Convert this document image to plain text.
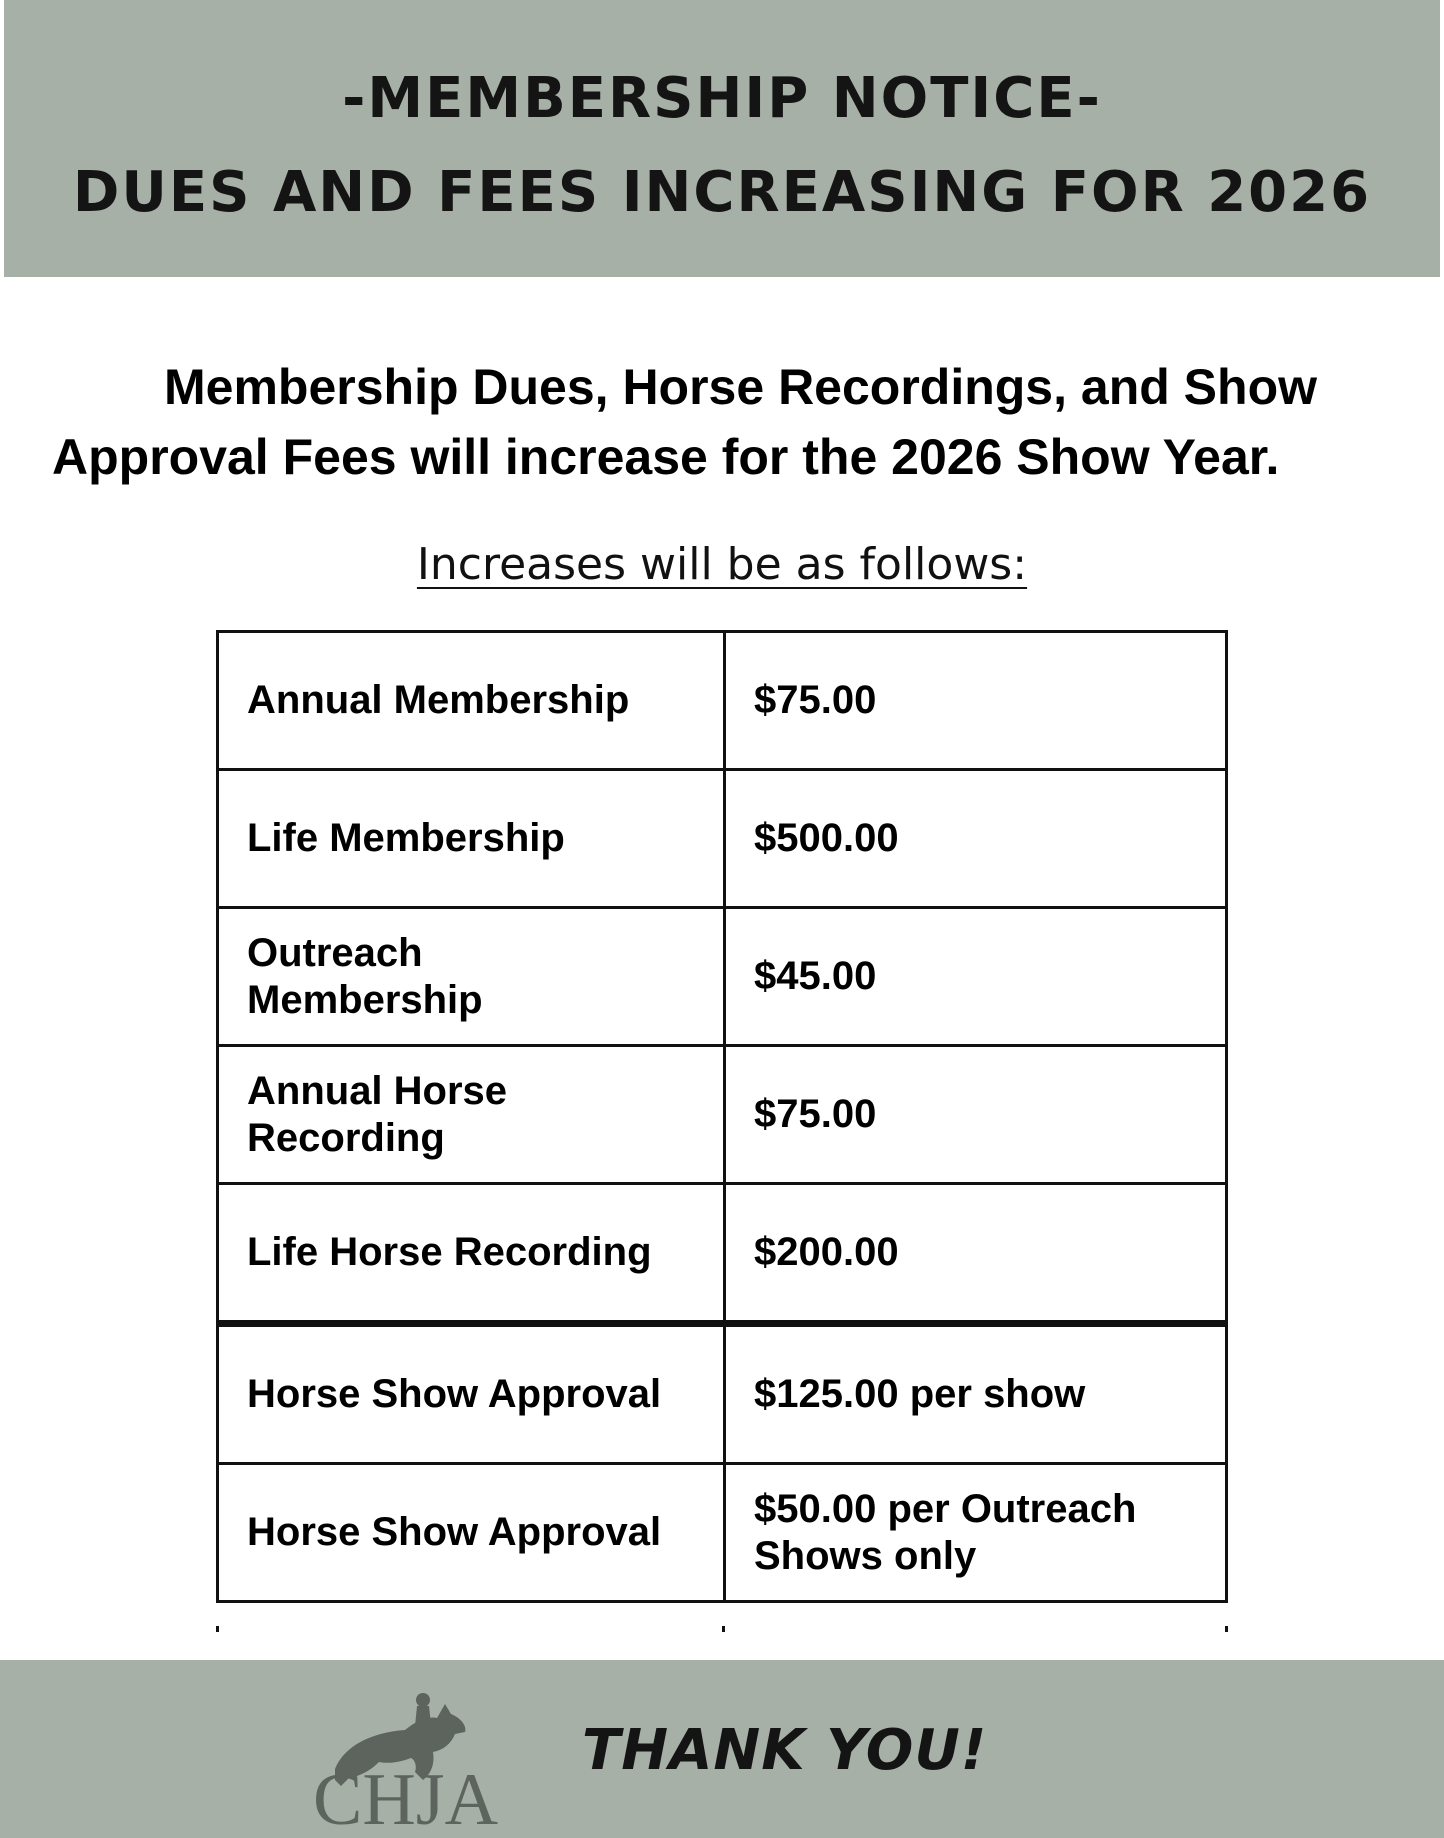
-MEMBERSHIP NOTICE-
DUES AND FEES INCREASING FOR 2026
Membership Dues, Horse Recordings, and Show Approval Fees will increase for the 2026 Show Year.
Increases will be as follows:
Annual Membership	$75.00
Life Membership	$500.00
Outreach Membership	$45.00
Annual Horse Recording	$75.00
Life Horse Recording	$200.00
Horse Show Approval	$125.00 per show
Horse Show Approval	$50.00 per Outreach Shows only
CHJA
THANK YOU!
